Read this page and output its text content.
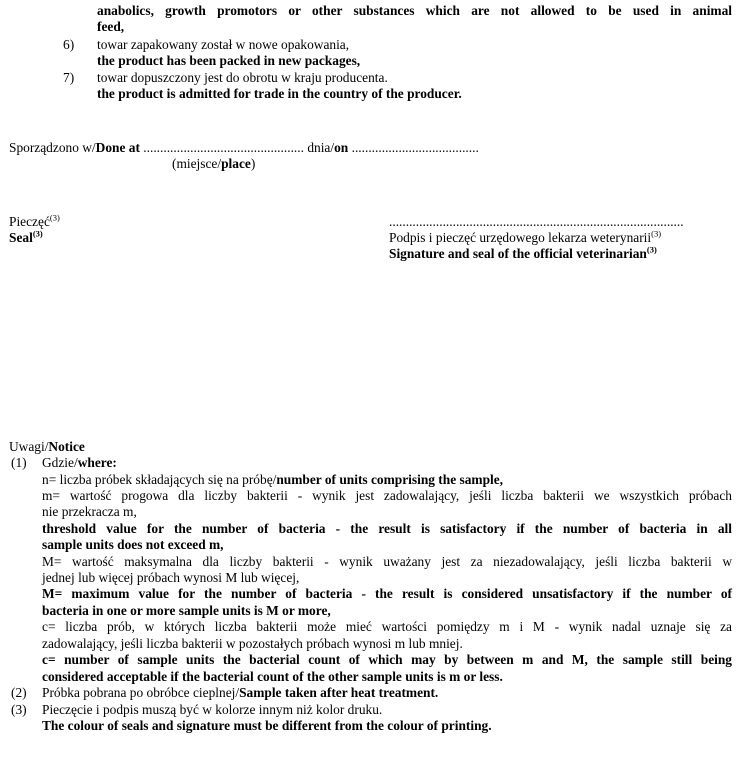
anabolics, growth promotors or other substances which are not allowed to be used in animal
feed,
6) towar zapakowany został w nowe opakowania,
the product has been packed in new packages,
7) towar dopuszczony jest do obrotu w kraju producenta.
the product is admitted for trade in the country of the producer.
Sporządzono w/Done at ................................................ dnia/on ......................................
(miejsce/place)
Pieczęć$^{(3)}$
Seal$^{(3)}$
........................................................................................
Podpis i pieczęć urzędowego lekarza weterynarii$^{(3)}$
Signature and seal of the official veterinarian$^{(3)}$
Uwagi/Notice
(1) Gdzie/where:
n= liczba próbek składających się na próbę/number of units comprising the sample,
m= wartość progowa dla liczby bakterii - wynik jest zadowalający, jeśli liczba bakterii we wszystkich próbach
nie przekracza m,
threshold value for the number of bacteria - the result is satisfactory if the number of bacteria in all
sample units does not exceed m,
M= wartość maksymalna dla liczby bakterii - wynik uważany jest za niezadowalający, jeśli liczba bakterii w
jednej lub więcej próbach wynosi M lub więcej,
M= maximum value for the number of bacteria - the result is considered unsatisfactory if the number of
bacteria in one or more sample units is M or more,
c= liczba prób, w których liczba bakterii może mieć wartości pomiędzy m i M - wynik nadal uznaje się za
zadowalający, jeśli liczba bakterii w pozostałych próbach wynosi m lub mniej.
c= number of sample units the bacterial count of which may by between m and M, the sample still being
considered acceptable if the bacterial count of the other sample units is m or less.
(2) Próbka pobrana po obróbce cieplnej/Sample taken after heat treatment.
(3) Pieczęcie i podpis muszą być w kolorze innym niż kolor druku.
The colour of seals and signature must be different from the colour of printing.
